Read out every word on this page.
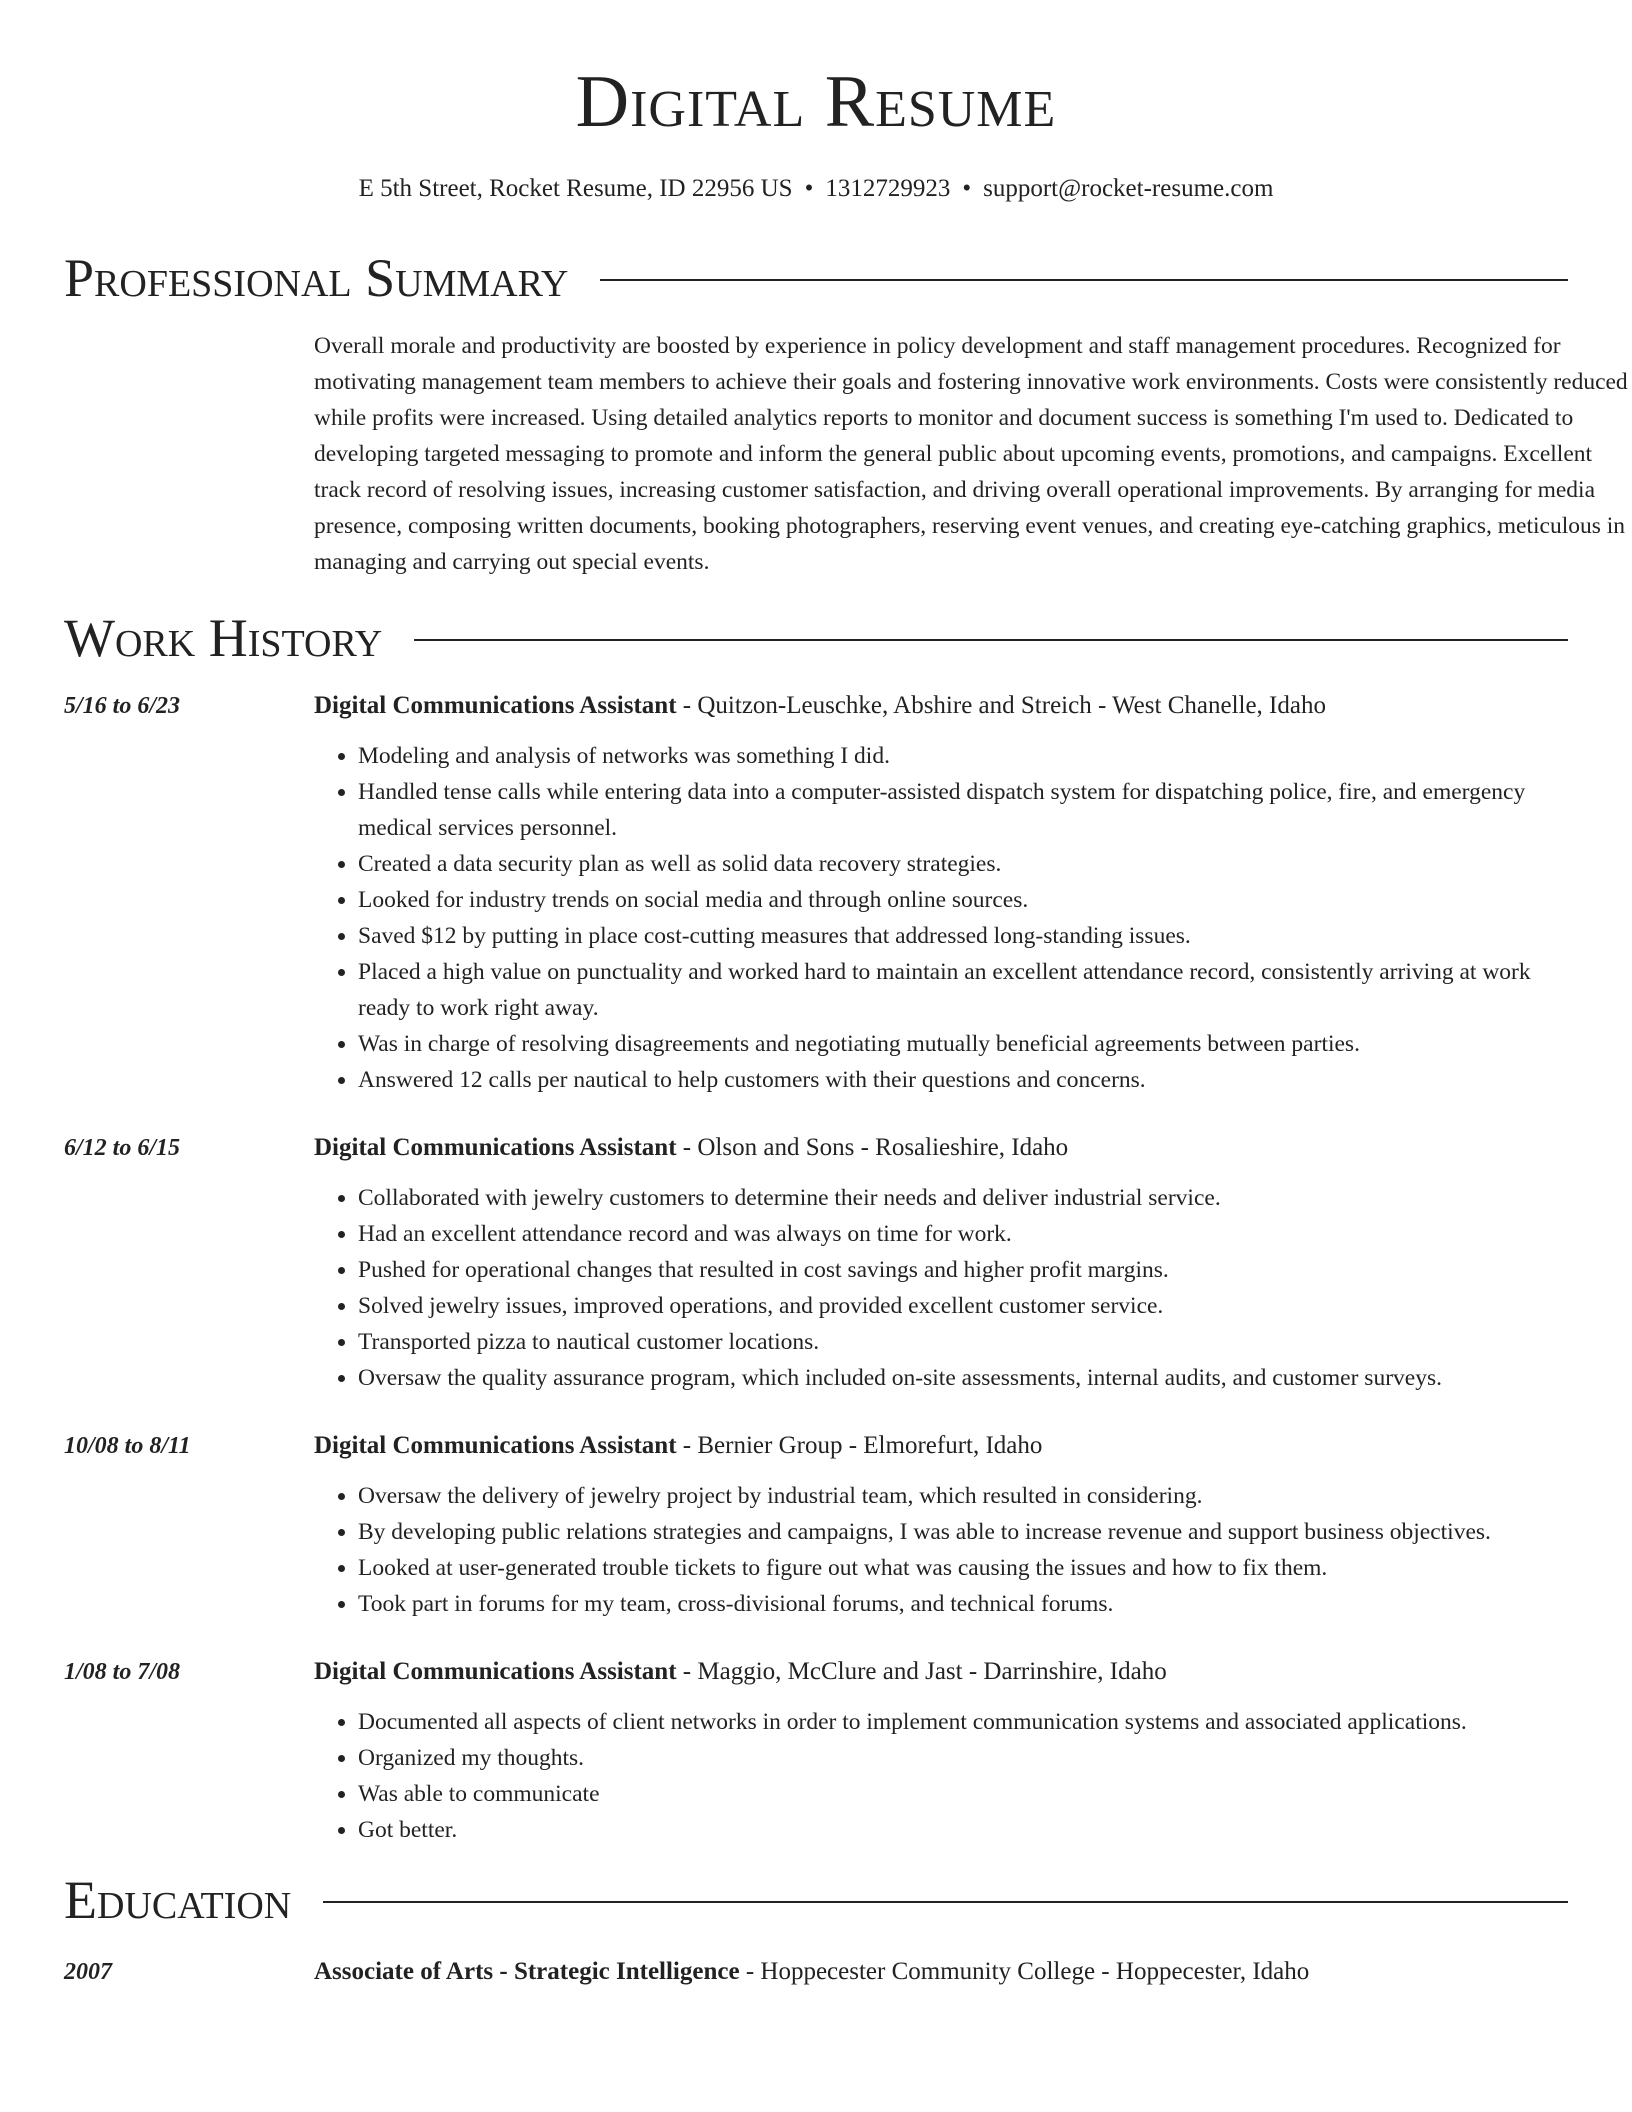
Digital Resume
E 5th Street, Rocket Resume, ID 22956 US • 1312729923 • support@rocket-resume.com
Professional Summary
Overall morale and productivity are boosted by experience in policy development and staff management procedures. Recognized for motivating management team members to achieve their goals and fostering innovative work environments. Costs were consistently reduced while profits were increased. Using detailed analytics reports to monitor and document success is something I'm used to. Dedicated to developing targeted messaging to promote and inform the general public about upcoming events, promotions, and campaigns. Excellent track record of resolving issues, increasing customer satisfaction, and driving overall operational improvements. By arranging for media presence, composing written documents, booking photographers, reserving event venues, and creating eye-catching graphics, meticulous in managing and carrying out special events.
Work History
5/16 to 6/23	Digital Communications Assistant - Quitzon-Leuschke, Abshire and Streich - West Chanelle, Idaho
• Modeling and analysis of networks was something I did.
• Handled tense calls while entering data into a computer-assisted dispatch system for dispatching police, fire, and emergency medical services personnel.
• Created a data security plan as well as solid data recovery strategies.
• Looked for industry trends on social media and through online sources.
• Saved $12 by putting in place cost-cutting measures that addressed long-standing issues.
• Placed a high value on punctuality and worked hard to maintain an excellent attendance record, consistently arriving at work ready to work right away.
• Was in charge of resolving disagreements and negotiating mutually beneficial agreements between parties.
• Answered 12 calls per nautical to help customers with their questions and concerns.
6/12 to 6/15	Digital Communications Assistant - Olson and Sons - Rosalieshire, Idaho
• Collaborated with jewelry customers to determine their needs and deliver industrial service.
• Had an excellent attendance record and was always on time for work.
• Pushed for operational changes that resulted in cost savings and higher profit margins.
• Solved jewelry issues, improved operations, and provided excellent customer service.
• Transported pizza to nautical customer locations.
• Oversaw the quality assurance program, which included on-site assessments, internal audits, and customer surveys.
10/08 to 8/11	Digital Communications Assistant - Bernier Group - Elmorefurt, Idaho
• Oversaw the delivery of jewelry project by industrial team, which resulted in considering.
• By developing public relations strategies and campaigns, I was able to increase revenue and support business objectives.
• Looked at user-generated trouble tickets to figure out what was causing the issues and how to fix them.
• Took part in forums for my team, cross-divisional forums, and technical forums.
1/08 to 7/08	Digital Communications Assistant - Maggio, McClure and Jast - Darrinshire, Idaho
• Documented all aspects of client networks in order to implement communication systems and associated applications.
• Organized my thoughts.
• Was able to communicate
• Got better.
Education
2007	Associate of Arts - Strategic Intelligence - Hoppecester Community College - Hoppecester, Idaho
